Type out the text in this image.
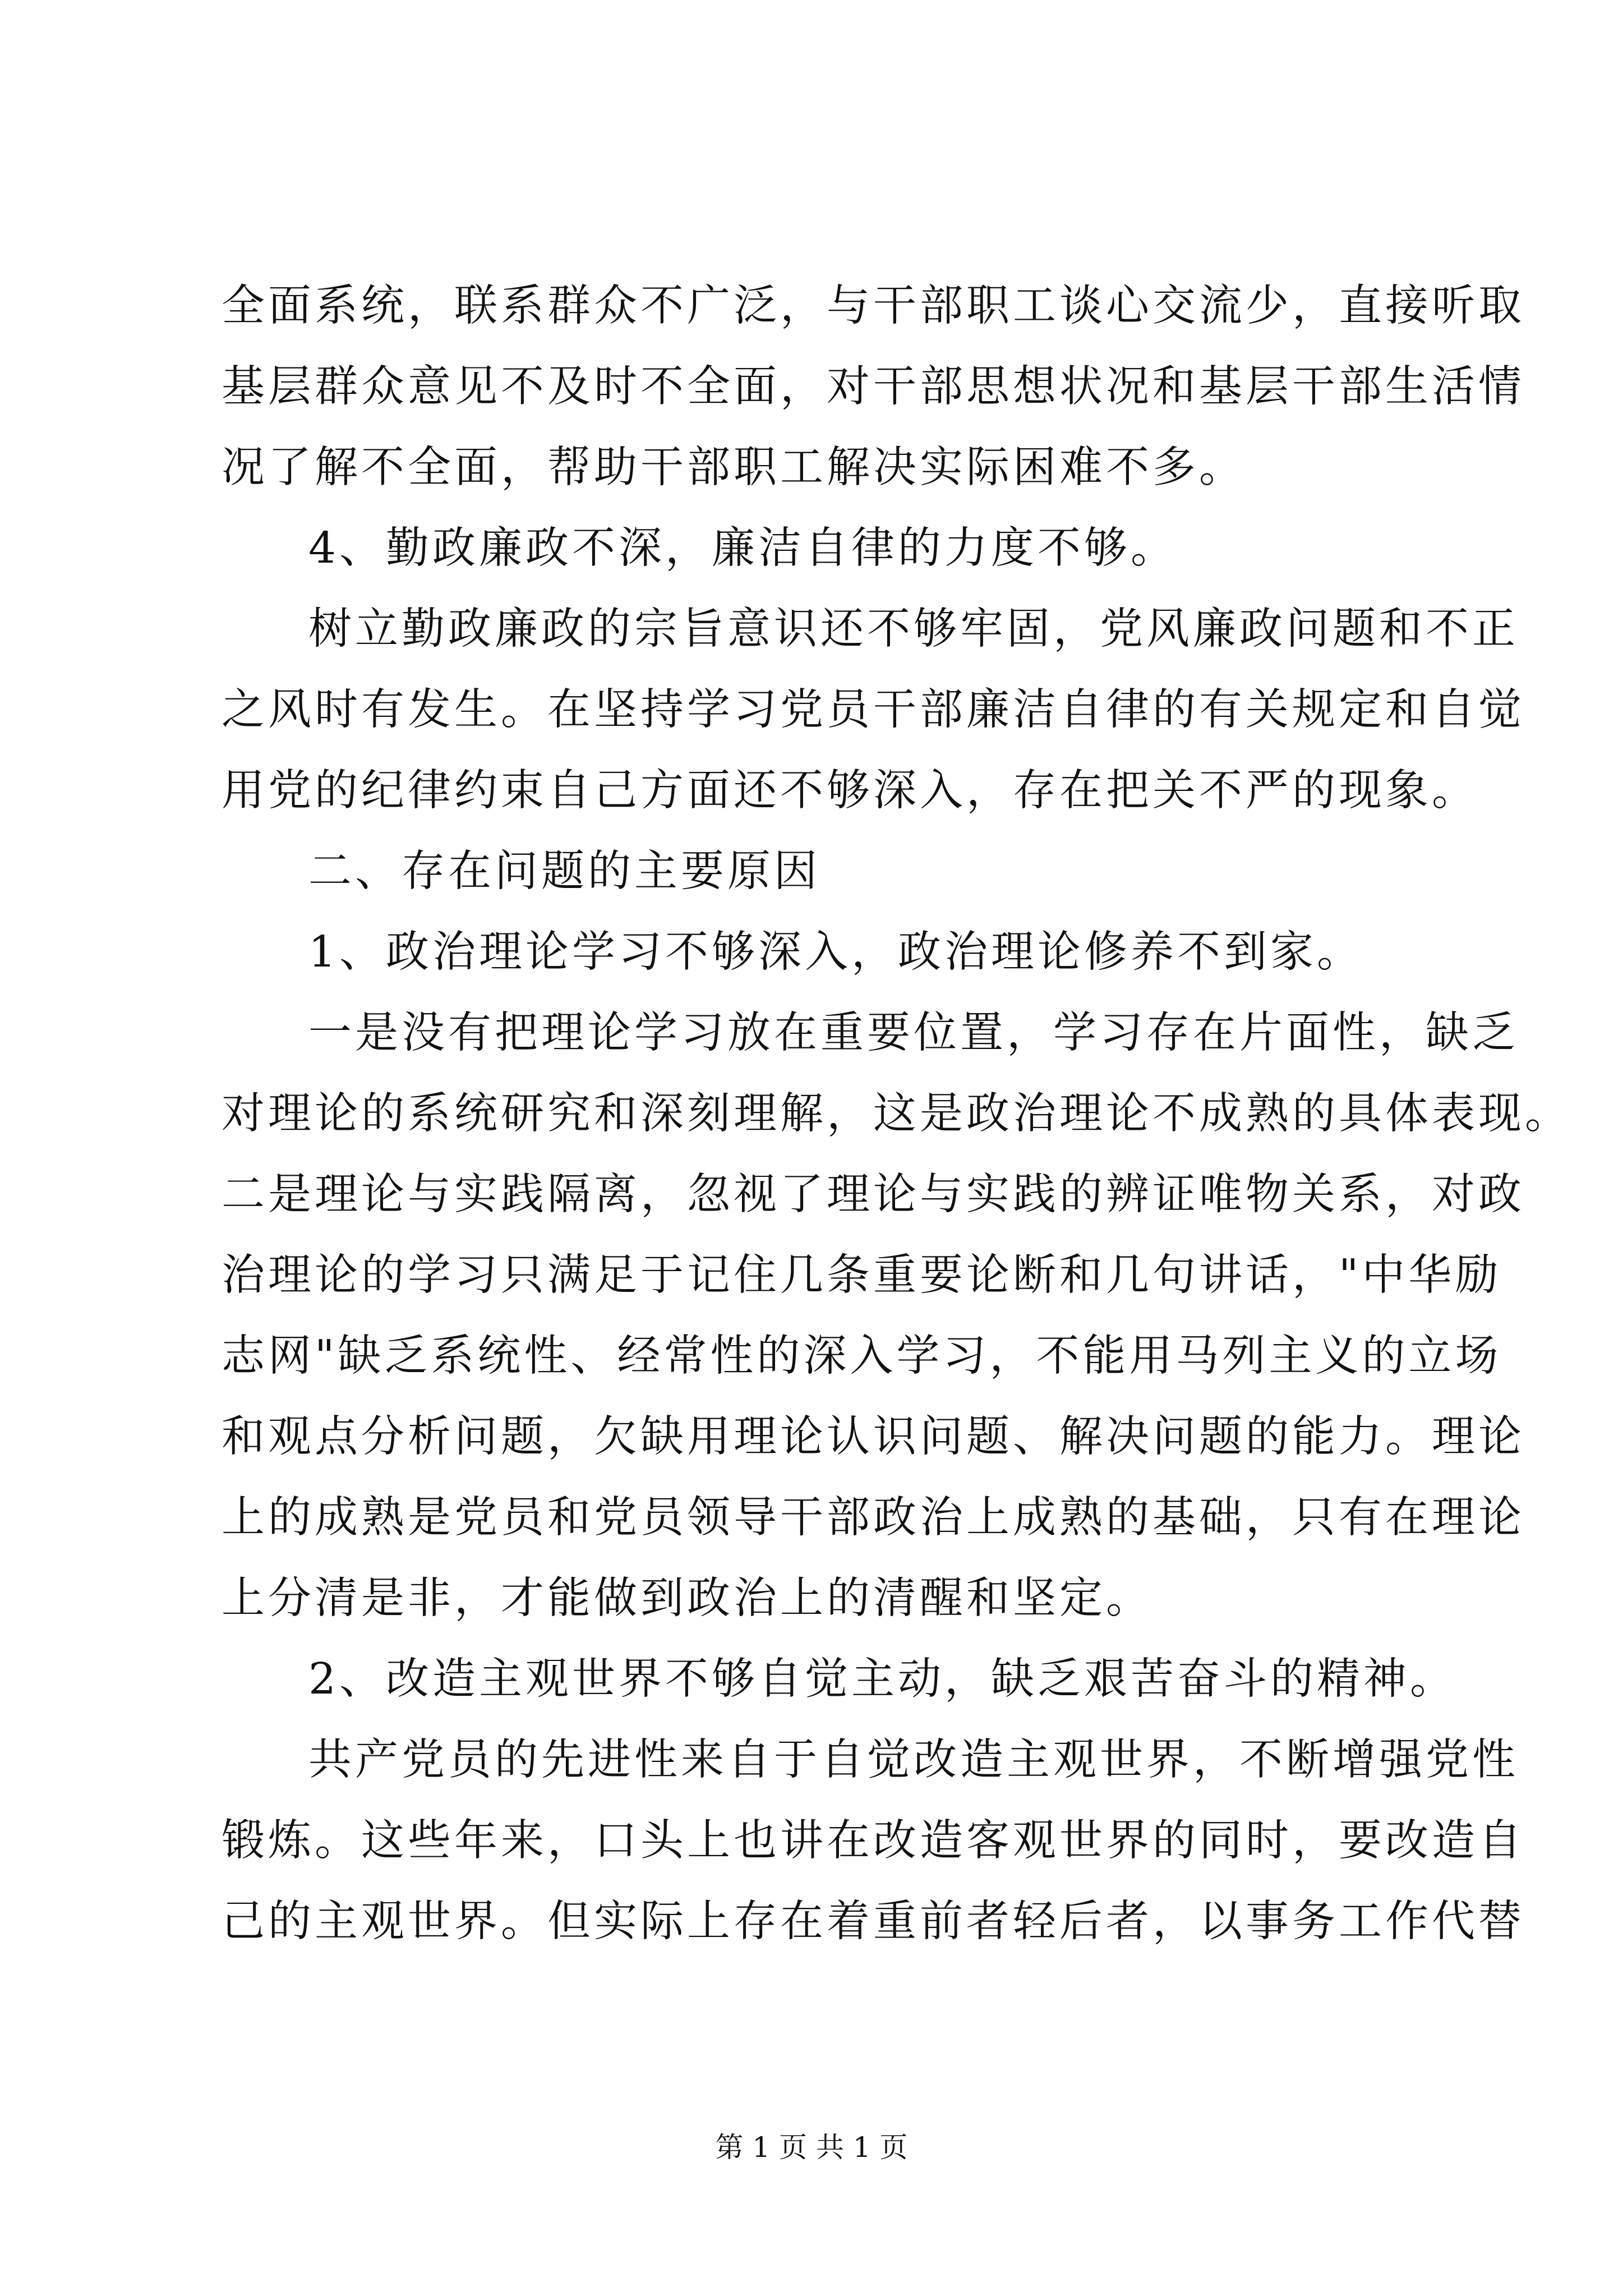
全面系统，联系群众不广泛，与干部职工谈心交流少，直接听取
基层群众意见不及时不全面，对干部思想状况和基层干部生活情
况了解不全面，帮助干部职工解决实际困难不多。
4、勤政廉政不深，廉洁自律的力度不够。
树立勤政廉政的宗旨意识还不够牢固，党风廉政问题和不正
之风时有发生。在坚持学习党员干部廉洁自律的有关规定和自觉
用党的纪律约束自己方面还不够深入，存在把关不严的现象。
二、存在问题的主要原因
1、政治理论学习不够深入，政治理论修养不到家。
一是没有把理论学习放在重要位置，学习存在片面性，缺乏
对理论的系统研究和深刻理解，这是政治理论不成熟的具体表现。
二是理论与实践隔离，忽视了理论与实践的辨证唯物关系，对政
治理论的学习只满足于记住几条重要论断和几句讲话，"中华励
志网"缺乏系统性、经常性的深入学习，不能用马列主义的立场
和观点分析问题，欠缺用理论认识问题、解决问题的能力。理论
上的成熟是党员和党员领导干部政治上成熟的基础，只有在理论
上分清是非，才能做到政治上的清醒和坚定。
2、改造主观世界不够自觉主动，缺乏艰苦奋斗的精神。
共产党员的先进性来自于自觉改造主观世界，不断增强党性
锻炼。这些年来，口头上也讲在改造客观世界的同时，要改造自
己的主观世界。但实际上存在着重前者轻后者，以事务工作代替
第 1 页 共 1 页
